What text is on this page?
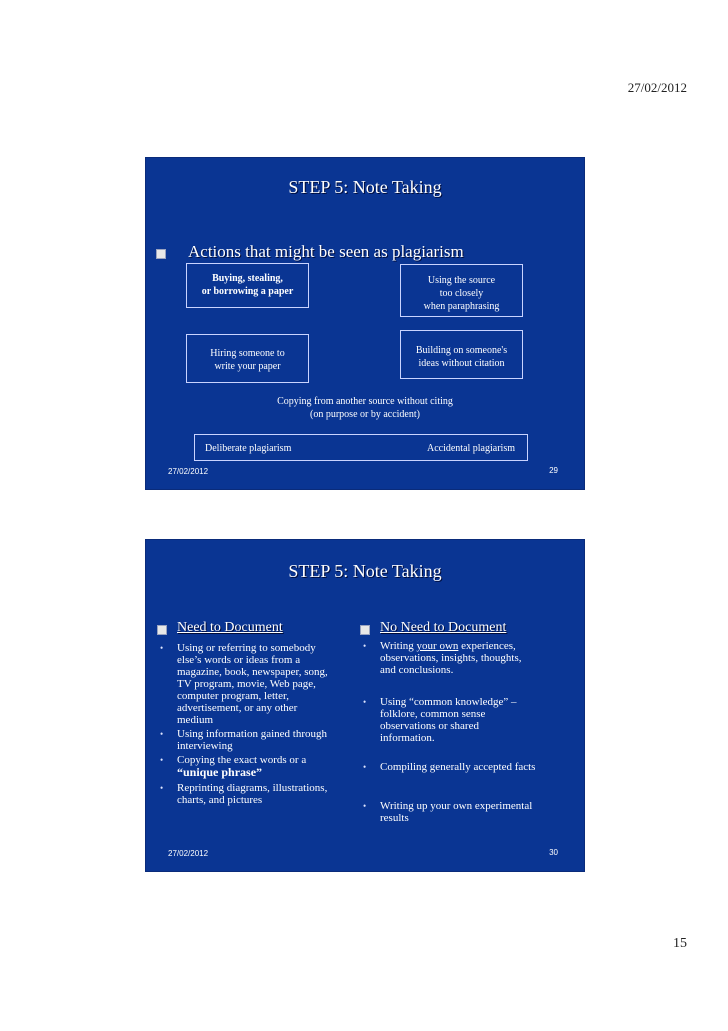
27/02/2012
STEP 5: Note Taking
Actions that might be seen as plagiarism
Buying, stealing,
or borrowing a paper
Using the source
too closely
when paraphrasing
Hiring someone to
write your paper
Building on someone's
ideas without citation
Copying from another source without citing
(on purpose or by accident)
Deliberate plagiarism	Accidental plagiarism
27/02/2012	29
STEP 5: Note Taking
Need to Document
• Using or referring to somebody
else’s words or ideas from a
magazine, book, newspaper, song,
TV program, movie, Web page,
computer program, letter,
advertisement, or any other
medium
• Using information gained through
interviewing
• Copying the exact words or a
“unique phrase”
• Reprinting diagrams, illustrations,
charts, and pictures
No Need to Document
• Writing your own experiences,
observations, insights, thoughts,
and conclusions.
• Using “common knowledge” –
folklore, common sense
observations or shared
information.
• Compiling generally accepted facts
• Writing up your own experimental
results
27/02/2012	30
15
